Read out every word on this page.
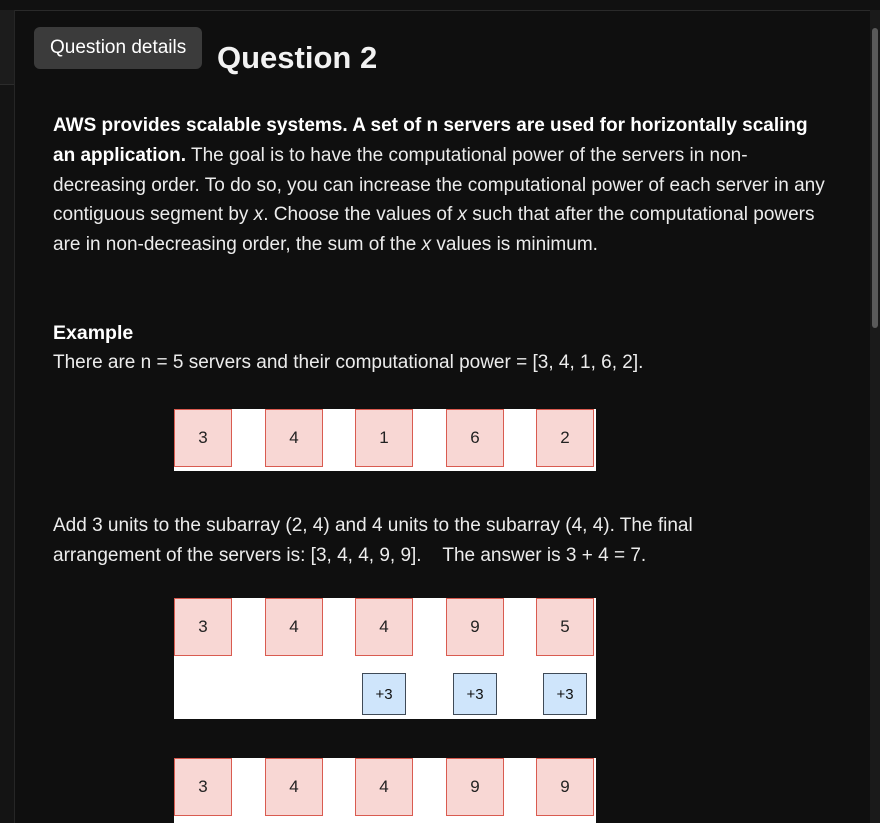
Question details Question 2
AWS provides scalable systems. A set of n servers are used for horizontally scaling an application. The goal is to have the computational power of the servers in non-decreasing order. To do so, you can increase the computational power of each server in any contiguous segment by x. Choose the values of x such that after the computational powers are in non-decreasing order, the sum of the x values is minimum.
Example
There are n = 5 servers and their computational power = [3, 4, 1, 6, 2].
3	4	1	6	2
Add 3 units to the subarray (2, 4) and 4 units to the subarray (4, 4). The final
arrangement of the servers is: [3, 4, 4, 9, 9].    The answer is 3 + 4 = 7.
3	4	4	9	5
+3	+3	+3
3	4	4	9	9
